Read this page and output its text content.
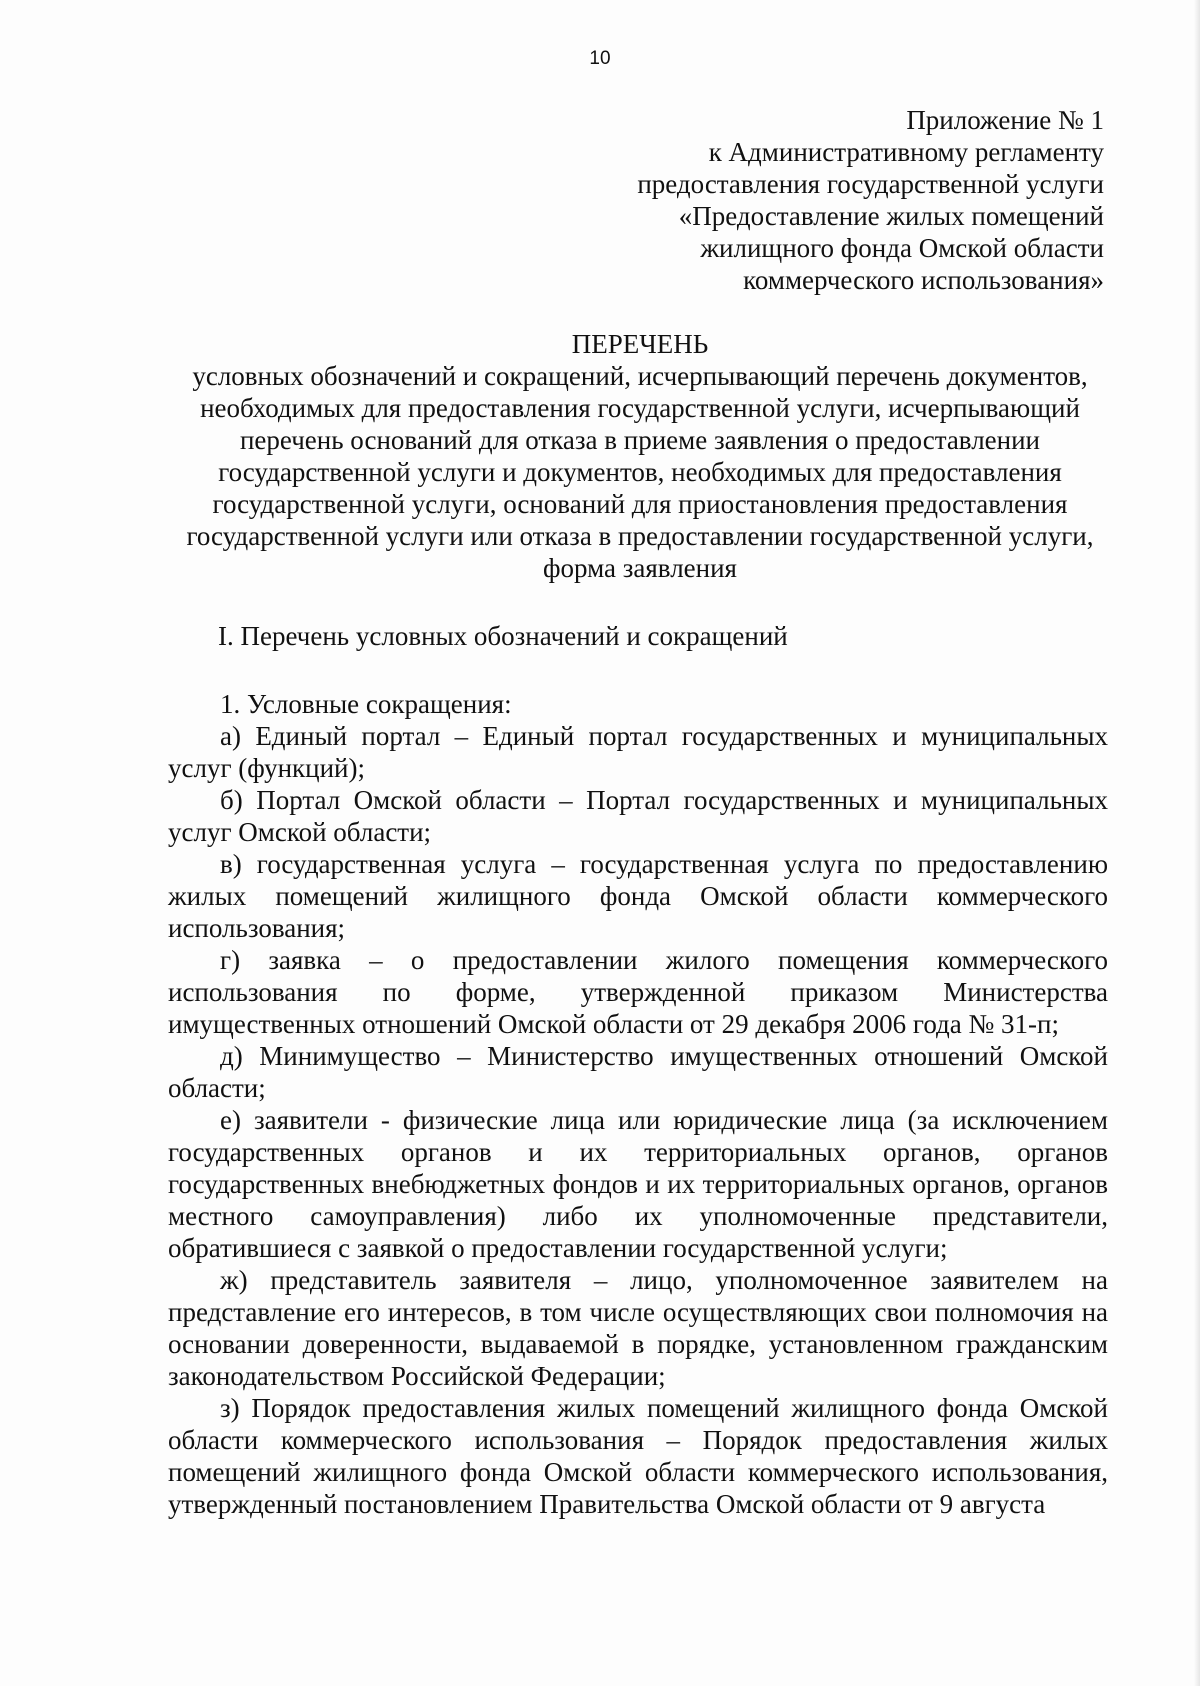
10
Приложение № 1
к Административному регламенту
предоставления государственной услуги
«Предоставление жилых помещений
жилищного фонда Омской области
коммерческого использования»
ПЕРЕЧЕНЬ
условных обозначений и сокращений, исчерпывающий перечень документов, необходимых для предоставления государственной услуги, исчерпывающий перечень оснований для отказа в приеме заявления о предоставлении государственной услуги и документов, необходимых для предоставления государственной услуги, оснований для приостановления предоставления государственной услуги или отказа в предоставлении государственной услуги, форма заявления
I. Перечень условных обозначений и сокращений

1. Условные сокращения:

а) Единый портал – Единый портал государственных и муниципальных услуг (функций);

б) Портал Омской области – Портал государственных и муниципальных услуг Омской области;

в) государственная услуга – государственная услуга по предоставлению жилых помещений жилищного фонда Омской области коммерческого использования;

г) заявка – о предоставлении жилого помещения коммерческого использования по форме, утвержденной приказом Министерства имущественных отношений Омской области от 29 декабря 2006 года № 31-п;

д) Минимущество – Министерство имущественных отношений Омской области;

е) заявители - физические лица или юридические лица (за исключением государственных органов и их территориальных органов, органов государственных внебюджетных фондов и их территориальных органов, органов местного самоуправления) либо их уполномоченные представители, обратившиеся с заявкой о предоставлении государственной услуги;

ж) представитель заявителя – лицо, уполномоченное заявителем на представление его интересов, в том числе осуществляющих свои полномочия на основании доверенности, выдаваемой в порядке, установленном гражданским законодательством Российской Федерации;

з) Порядок предоставления жилых помещений жилищного фонда Омской области коммерческого использования – Порядок предоставления жилых помещений жилищного фонда Омской области коммерческого использования, утвержденный постановлением Правительства Омской области от 9 августа
